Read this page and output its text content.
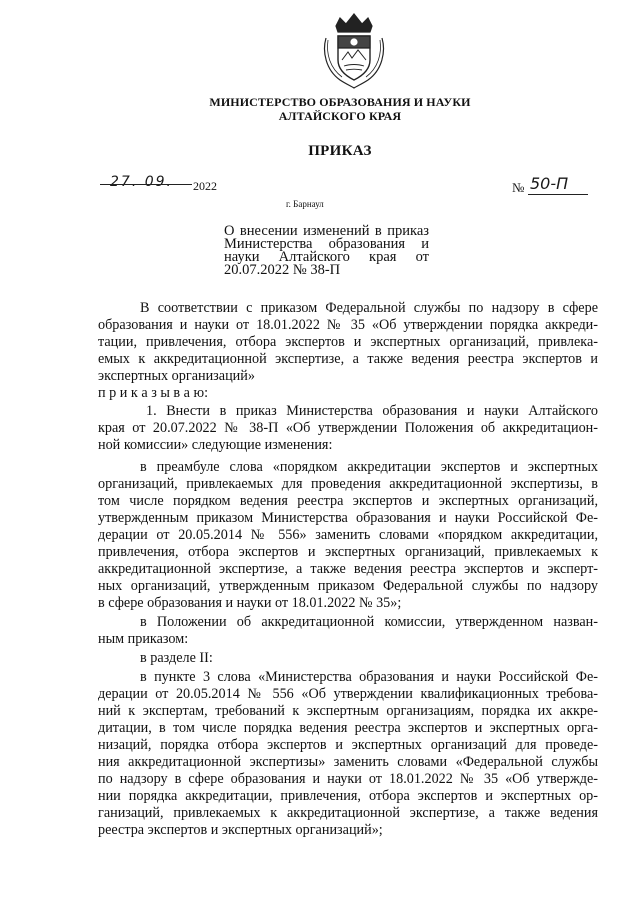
МИНИСТЕРСТВО ОБРАЗОВАНИЯ И НАУКИ
АЛТАЙСКОГО КРАЯ
ПРИКАЗ
27. 09. 2022	№ 50-П
г. Барнаул
О внесении изменений в приказ Министерства образования и науки Алтайского края от 20.07.2022 № 38-П
В соответствии с приказом Федеральной службы по надзору в сфере
образования и науки от 18.01.2022 № 35 «Об утверждении порядка аккреди-
тации, привлечения, отбора экспертов и экспертных организаций, привлека-
емых к аккредитационной экспертизе, а также ведения реестра экспертов и
экспертных организаций»
п р и к а з ы в а ю:
1. Внести в приказ Министерства образования и науки Алтайского
края от 20.07.2022 № 38-П «Об утверждении Положения об аккредитацион-
ной комиссии» следующие изменения:
в преамбуле слова «порядком аккредитации экспертов и экспертных
организаций, привлекаемых для проведения аккредитационной экспертизы, в
том числе порядком ведения реестра экспертов и экспертных организаций,
утвержденным приказом Министерства образования и науки Российской Фе-
дерации от 20.05.2014 № 556» заменить словами «порядком аккредитации,
привлечения, отбора экспертов и экспертных организаций, привлекаемых к
аккредитационной экспертизе, а также ведения реестра экспертов и эксперт-
ных организаций, утвержденным приказом Федеральной службы по надзору
в сфере образования и науки от 18.01.2022 № 35»;
в Положении об аккредитационной комиссии, утвержденном назван-
ным приказом:
в разделе II:
в пункте 3 слова «Министерства образования и науки Российской Фе-
дерации от 20.05.2014 № 556 «Об утверждении квалификационных требова-
ний к экспертам, требований к экспертным организациям, порядка их аккре-
дитации, в том числе порядка ведения реестра экспертов и экспертных орга-
низаций, порядка отбора экспертов и экспертных организаций для проведе-
ния аккредитационной экспертизы» заменить словами «Федеральной службы
по надзору в сфере образования и науки от 18.01.2022 № 35 «Об утвержде-
нии порядка аккредитации, привлечения, отбора экспертов и экспертных ор-
ганизаций, привлекаемых к аккредитационной экспертизе, а также ведения
реестра экспертов и экспертных организаций»;
